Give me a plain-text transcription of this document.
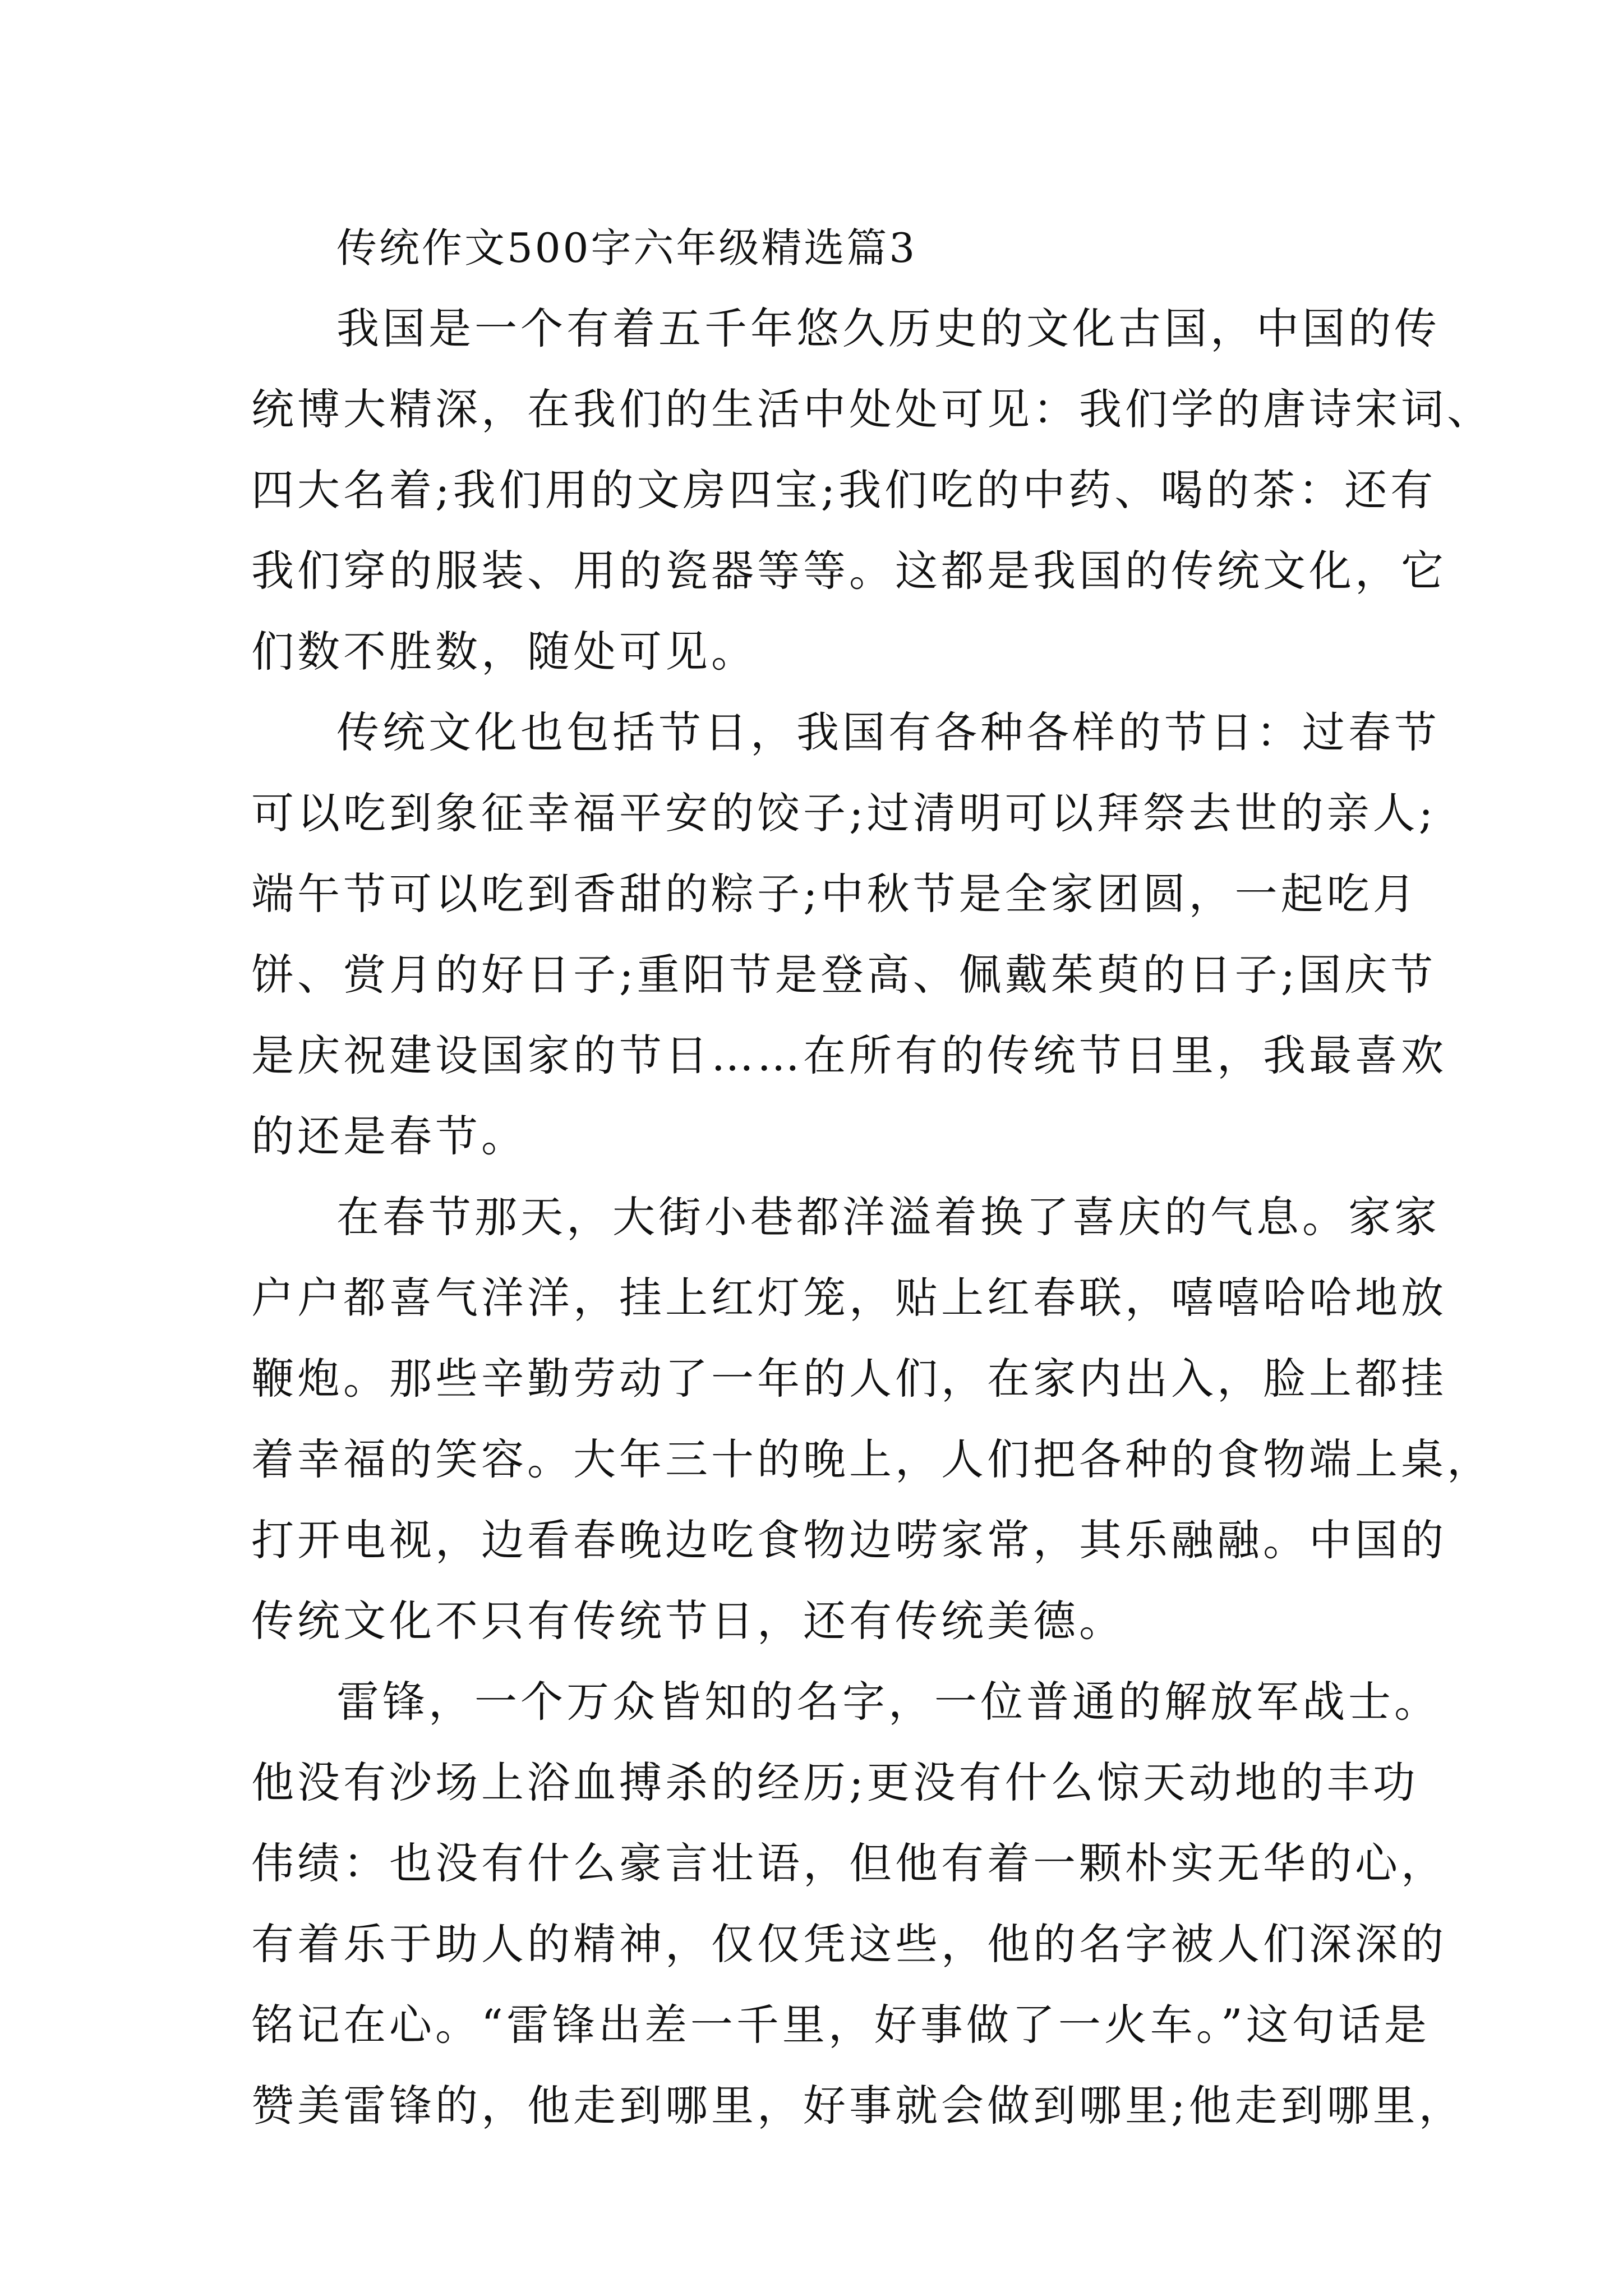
传统作文500字六年级精选篇3
我国是一个有着五千年悠久历史的文化古国，中国的传
统博大精深，在我们的生活中处处可见：我们学的唐诗宋词、
四大名着;我们用的文房四宝;我们吃的中药、喝的茶：还有
我们穿的服装、用的瓷器等等。这都是我国的传统文化，它
们数不胜数，随处可见。
传统文化也包括节日，我国有各种各样的节日：过春节
可以吃到象征幸福平安的饺子;过清明可以拜祭去世的亲人;
端午节可以吃到香甜的粽子;中秋节是全家团圆，一起吃月
饼、赏月的好日子;重阳节是登高、佩戴茱萸的日子;国庆节
是庆祝建设国家的节日……在所有的传统节日里，我最喜欢
的还是春节。
在春节那天，大街小巷都洋溢着换了喜庆的气息。家家
户户都喜气洋洋，挂上红灯笼，贴上红春联，嘻嘻哈哈地放
鞭炮。那些辛勤劳动了一年的人们，在家内出入，脸上都挂
着幸福的笑容。大年三十的晚上，人们把各种的食物端上桌，
打开电视，边看春晚边吃食物边唠家常，其乐融融。中国的
传统文化不只有传统节日，还有传统美德。
雷锋，一个万众皆知的名字，一位普通的解放军战士。
他没有沙场上浴血搏杀的经历;更没有什么惊天动地的丰功
伟绩：也没有什么豪言壮语，但他有着一颗朴实无华的心，
有着乐于助人的精神，仅仅凭这些，他的名字被人们深深的
铭记在心。“雷锋出差一千里，好事做了一火车。”这句话是
赞美雷锋的，他走到哪里，好事就会做到哪里;他走到哪里，
